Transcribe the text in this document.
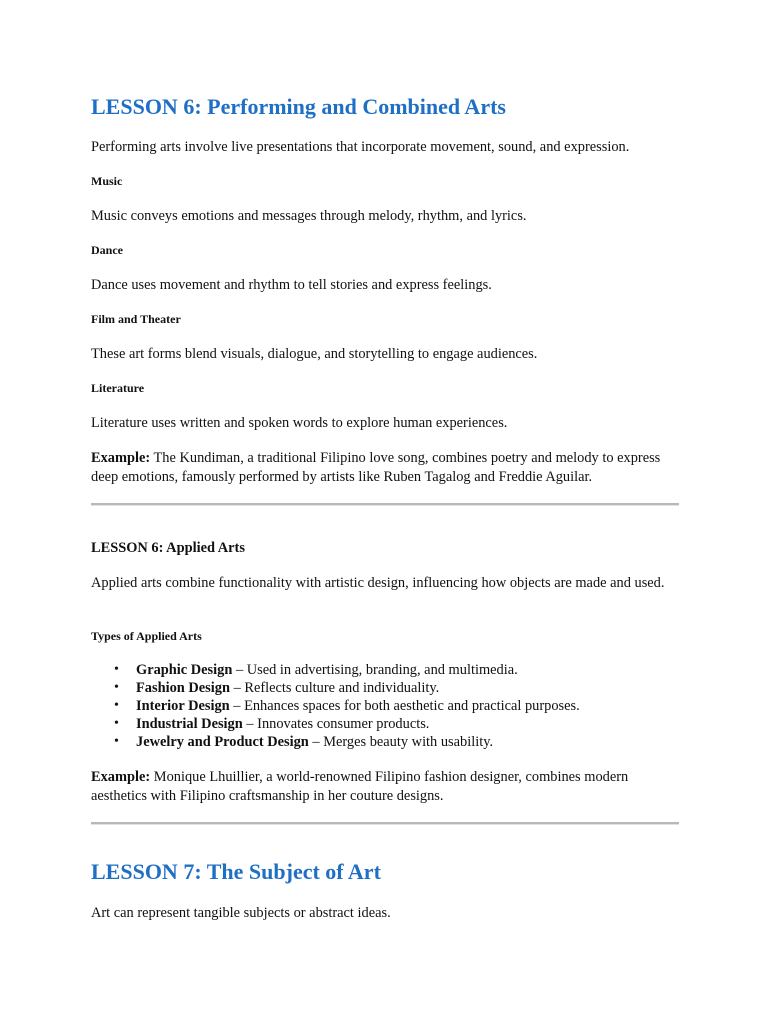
LESSON 6: Performing and Combined Arts

Performing arts involve live presentations that incorporate movement, sound, and expression.

Music

Music conveys emotions and messages through melody, rhythm, and lyrics.

Dance

Dance uses movement and rhythm to tell stories and express feelings.

Film and Theater

These art forms blend visuals, dialogue, and storytelling to engage audiences.

Literature

Literature uses written and spoken words to explore human experiences.

Example: The Kundiman, a traditional Filipino love song, combines poetry and melody to express deep emotions, famously performed by artists like Ruben Tagalog and Freddie Aguilar.

LESSON 6: Applied Arts

Applied arts combine functionality with artistic design, influencing how objects are made and used.

Types of Applied Arts
• Graphic Design – Used in advertising, branding, and multimedia.
• Fashion Design – Reflects culture and individuality.
• Interior Design – Enhances spaces for both aesthetic and practical purposes.
• Industrial Design – Innovates consumer products.
• Jewelry and Product Design – Merges beauty with usability.

Example: Monique Lhuillier, a world-renowned Filipino fashion designer, combines modern aesthetics with Filipino craftsmanship in her couture designs.

LESSON 7: The Subject of Art

Art can represent tangible subjects or abstract ideas.
